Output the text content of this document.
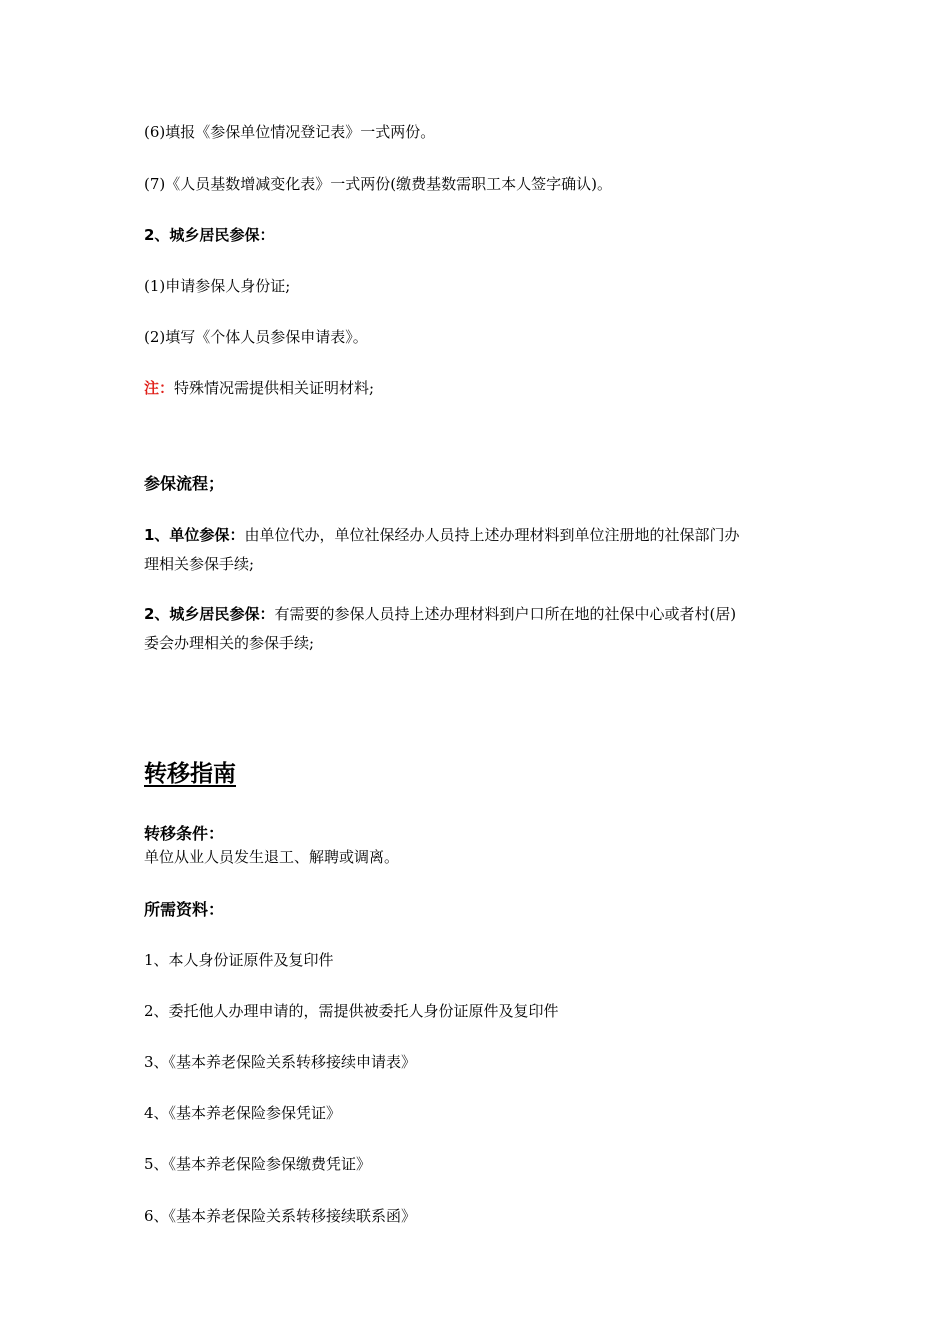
(6)填报《参保单位情况登记表》一式两份。
(7)《人员基数增减变化表》一式两份(缴费基数需职工本人签字确认)。
2、城乡居民参保：
(1)申请参保人身份证;
(2)填写《个体人员参保申请表》。
注：特殊情况需提供相关证明材料;
参保流程；
1、单位参保：由单位代办，单位社保经办人员持上述办理材料到单位注册地的社保部门办
理相关参保手续;
2、城乡居民参保：有需要的参保人员持上述办理材料到户口所在地的社保中心或者村(居)
委会办理相关的参保手续;
转移指南
转移条件：
单位从业人员发生退工、解聘或调离。
所需资料：
1、本人身份证原件及复印件
2、委托他人办理申请的，需提供被委托人身份证原件及复印件
3、《基本养老保险关系转移接续申请表》
4、《基本养老保险参保凭证》
5、《基本养老保险参保缴费凭证》
6、《基本养老保险关系转移接续联系函》
